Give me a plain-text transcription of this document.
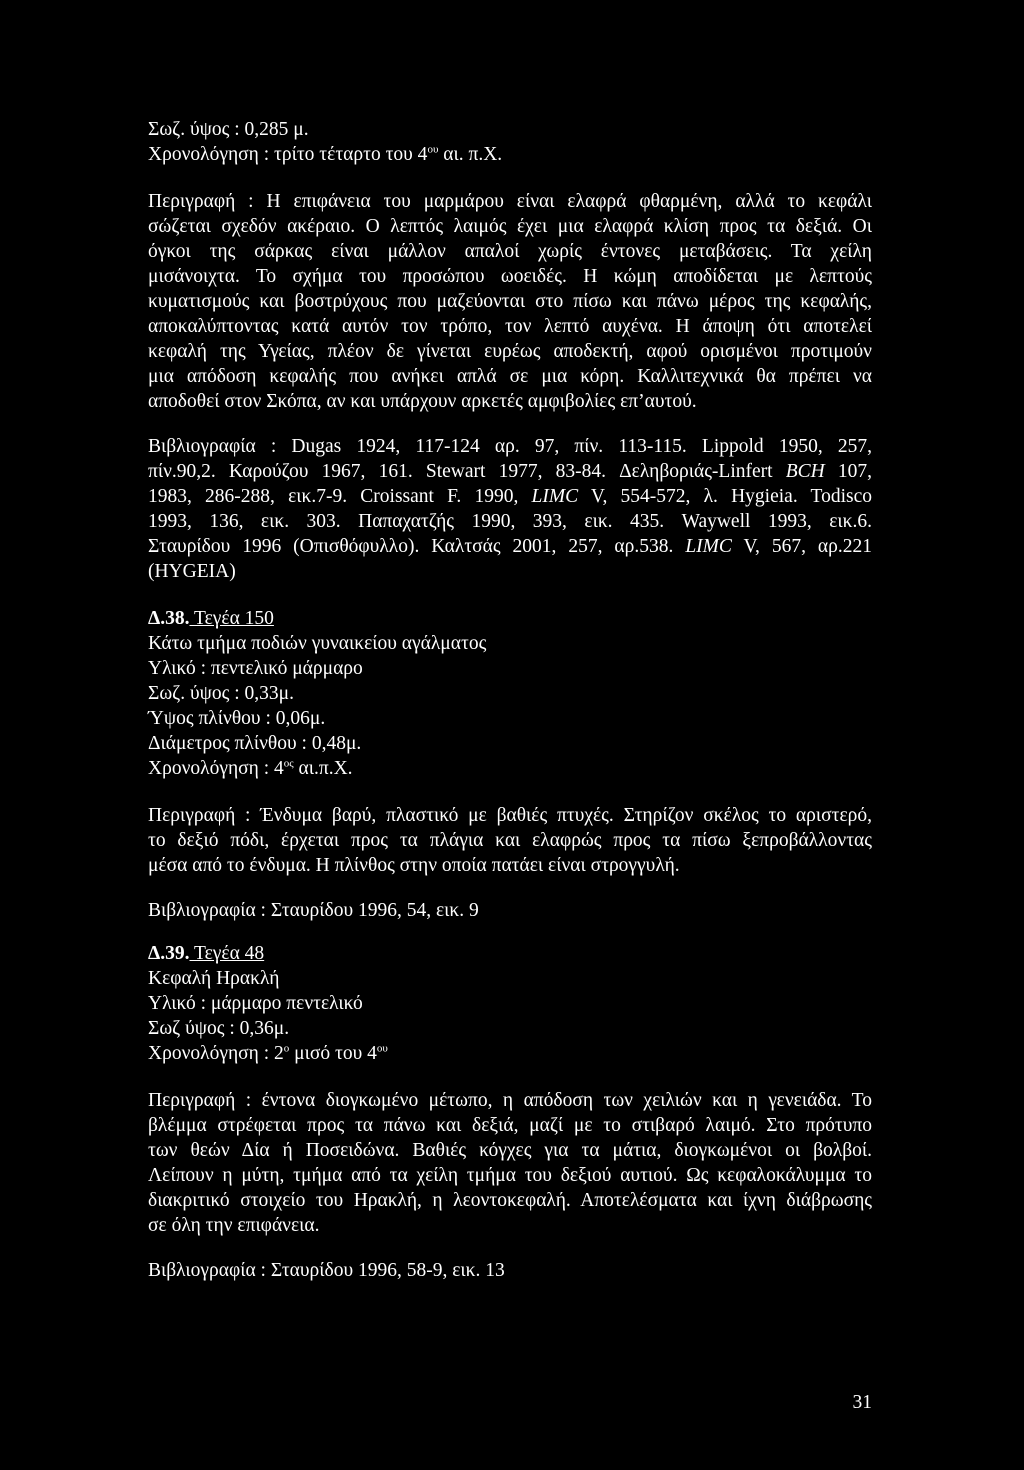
Σωζ. ύψος : 0,285 μ.
Χρονολόγηση : τρίτο τέταρτο του $4^{o\upsilon}$ αι. π.Χ.
Περιγραφή : Η επιφάνεια του μαρμάρου είναι ελαφρά φθαρμένη, αλλά το κεφάλι
σώζεται σχεδόν ακέραιο. Ο λεπτός λαιμός έχει μια ελαφρά κλίση προς τα δεξιά. Οι
όγκοι της σάρκας είναι μάλλον απαλοί χωρίς έντονες μεταβάσεις. Τα χείλη
μισάνοιχτα. Το σχήμα του προσώπου ωοειδές. Η κώμη αποδίδεται με λεπτούς
κυματισμούς και βοστρύχους που μαζεύονται στο πίσω και πάνω μέρος της κεφαλής,
αποκαλύπτοντας κατά αυτόν τον τρόπο, τον λεπτό αυχένα. Η άποψη ότι αποτελεί
κεφαλή της Υγείας, πλέον δε γίνεται ευρέως αποδεκτή, αφού ορισμένοι προτιμούν
μια απόδοση κεφαλής που ανήκει απλά σε μια κόρη. Καλλιτεχνικά θα πρέπει να
αποδοθεί στον Σκόπα, αν και υπάρχουν αρκετές αμφιβολίες επ’αυτού.
Βιβλιογραφία : Dugas 1924, 117-124 αρ. 97, πίν. 113-115. Lippold 1950, 257,
πίν.90,2. Καρούζου 1967, 161. Stewart 1977, 83-84. Δεληβοριάς-Linfert BCH 107,
1983, 286-288, εικ.7-9. Croissant F. 1990, LIMC V, 554-572, λ. Hygieia. Todisco
1993, 136, εικ. 303. Παπαχατζής 1990, 393, εικ. 435. Waywell 1993, εικ.6.
Σταυρίδου 1996 (Οπισθόφυλλο). Καλτσάς 2001, 257, αρ.538. LIMC V, 567, αρ.221
(HYGEIA)
Δ.38. Τεγέα 150
Κάτω τμήμα ποδιών γυναικείου αγάλματος
Υλικό : πεντελικό μάρμαρο
Σωζ. ύψος : 0,33μ.
Ύψος πλίνθου : 0,06μ.
Διάμετρος πλίνθου : 0,48μ.
Χρονολόγηση : $4^{o\varsigma}$ αι.π.Χ.
Περιγραφή : Ένδυμα βαρύ, πλαστικό με βαθιές πτυχές. Στηρίζον σκέλος το αριστερό,
το δεξιό πόδι, έρχεται προς τα πλάγια και ελαφρώς προς τα πίσω ξεπροβάλλοντας
μέσα από το ένδυμα. Η πλίνθος στην οποία πατάει είναι στρογγυλή.
Βιβλιογραφία : Σταυρίδου 1996, 54, εικ. 9
Δ.39. Τεγέα 48
Κεφαλή Ηρακλή
Υλικό : μάρμαρο πεντελικό
Σωζ ύψος : 0,36μ.
Χρονολόγηση : $2^o$ μισό του $4^{o\upsilon}$
Περιγραφή : έντονα διογκωμένο μέτωπο, η απόδοση των χειλιών και η γενειάδα. Το
βλέμμα στρέφεται προς τα πάνω και δεξιά, μαζί με το στιβαρό λαιμό. Στο πρότυπο
των θεών Δία ή Ποσειδώνα. Βαθιές κόγχες για τα μάτια, διογκωμένοι οι βολβοί.
Λείπουν η μύτη, τμήμα από τα χείλη τμήμα του δεξιού αυτιού. Ως κεφαλοκάλυμμα το
διακριτικό στοιχείο του Ηρακλή, η λεοντοκεφαλή. Αποτελέσματα και ίχνη διάβρωσης
σε όλη την επιφάνεια.
Βιβλιογραφία : Σταυρίδου 1996, 58-9, εικ. 13
31
